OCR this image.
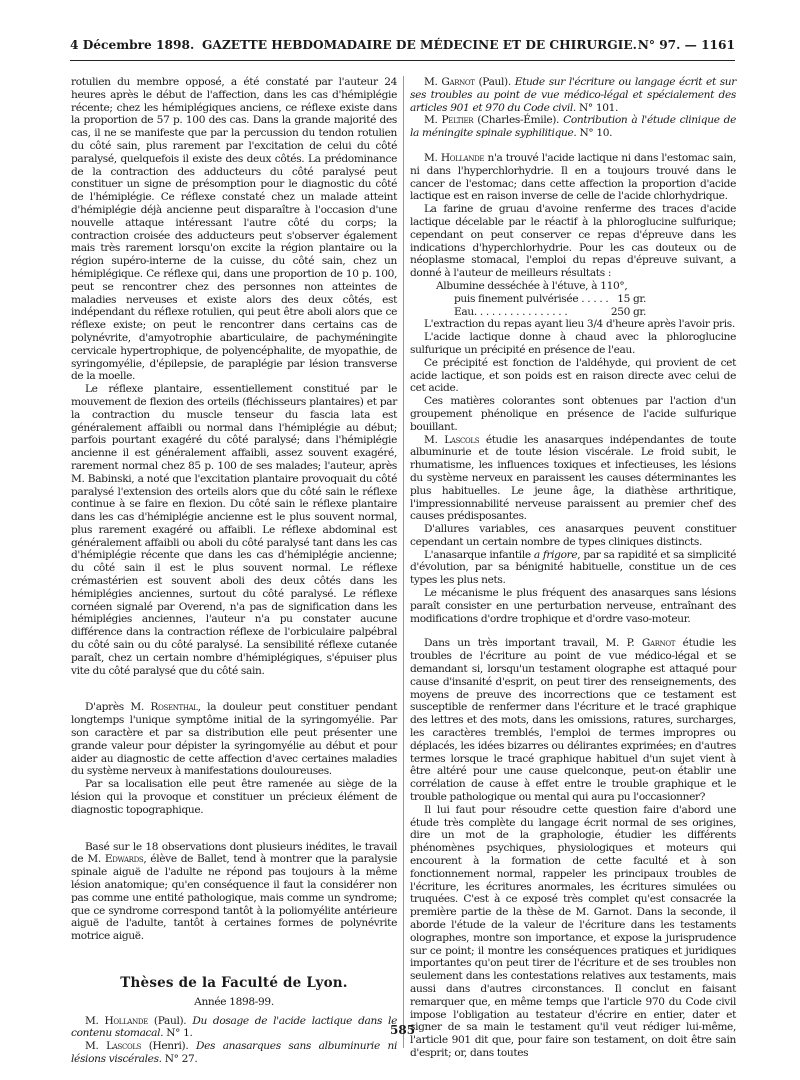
4 Décembre 1898. GAZETTE HEBDOMADAIRE DE MÉDECINE ET DE CHIRURGIE. N° 97. — 1161

rotulien du membre opposé, a été constaté par l'auteur 24 heures après le début de l'affection, dans les cas d'hémiplégie récente; chez les hémiplégiques anciens, ce réflexe existe dans la proportion de 57 p. 100 des cas. Dans la grande majorité des cas, il ne se manifeste que par la percussion du tendon rotulien du côté sain, plus rarement par l'excitation de celui du côté paralysé, quelquefois il existe des deux côtés. La prédominance de la contraction des adducteurs du côté paralysé peut constituer un signe de présomption pour le diagnostic du côté de l'hémiplégie. Ce réflexe constaté chez un malade atteint d'hémiplégie déjà ancienne peut disparaître à l'occasion d'une nouvelle attaque intéressant l'autre côté du corps; la contraction croisée des adducteurs peut s'observer également mais très rarement lorsqu'on excite la région plantaire ou la région supéro-interne de la cuisse, du côté sain, chez un hémiplégique. Ce réflexe qui, dans une proportion de 10 p. 100, peut se rencontrer chez des personnes non atteintes de maladies nerveuses et existe alors des deux côtés, est indépendant du réflexe rotulien, qui peut être aboli alors que ce réflexe existe; on peut le rencontrer dans certains cas de polynévrite, d'amyotrophie abarticulaire, de pachyméningite cervicale hypertrophique, de polyencéphalite, de myopathie, de syringomyélie, d'épilepsie, de paraplégie par lésion transverse de la moelle.

Le réflexe plantaire, essentiellement constitué par le mouvement de flexion des orteils (fléchisseurs plantaires) et par la contraction du muscle tenseur du fascia lata est généralement affaibli ou normal dans l'hémiplégie au début; parfois pourtant exagéré du côté paralysé; dans l'hémiplégie ancienne il est généralement affaibli, assez souvent exagéré, rarement normal chez 85 p. 100 de ses malades; l'auteur, après M. Babinski, a noté que l'excitation plantaire provoquait du côté paralysé l'extension des orteils alors que du côté sain le réflexe continue à se faire en flexion. Du côté sain le réflexe plantaire dans les cas d'hémiplégie ancienne est le plus souvent normal, plus rarement exagéré ou affaibli. Le réflexe abdominal est généralement affaibli ou aboli du côté paralysé tant dans les cas d'hémiplégie récente que dans les cas d'hémiplégie ancienne; du côté sain il est le plus souvent normal. Le réflexe crémastérien est souvent aboli des deux côtés dans les hémiplégies anciennes, surtout du côté paralysé. Le réflexe cornéen signalé par Overend, n'a pas de signification dans les hémiplégies anciennes, l'auteur n'a pu constater aucune différence dans la contraction réflexe de l'orbiculaire palpébral du côté sain ou du côté paralysé. La sensibilité réflexe cutanée paraît, chez un certain nombre d'hémiplégiques, s'épuiser plus vite du côté paralysé que du côté sain.

D'après M. Rosenthal, la douleur peut constituer pendant longtemps l'unique symptôme initial de la syringomyélie. Par son caractère et par sa distribution elle peut présenter une grande valeur pour dépister la syringomyélie au début et pour aider au diagnostic de cette affection d'avec certaines maladies du système nerveux à manifestations douloureuses.

Par sa localisation elle peut être ramenée au siège de la lésion qui la provoque et constituer un précieux élément de diagnostic topographique.

Basé sur le 18 observations dont plusieurs inédites, le travail de M. Edwards, élève de Ballet, tend à montrer que la paralysie spinale aiguë de l'adulte ne répond pas toujours à la même lésion anatomique; qu'en conséquence il faut la considérer non pas comme une entité pathologique, mais comme un syndrome; que ce syndrome correspond tantôt à la poliomyélite antérieure aiguë de l'adulte, tantôt à certaines formes de polynévrite motrice aiguë.

Thèses de la Faculté de Lyon.
Année 1898-99.

M. Hollande (Paul). Du dosage de l'acide lactique dans le contenu stomacal. N° 1.

M. Lascols (Henri). Des anasarques sans albuminurie ni lésions viscérales. N° 27.

M. Garnot (Paul). Etude sur l'écriture ou langage écrit et sur ses troubles au point de vue médico-légal et spécialement des articles 901 et 970 du Code civil. N° 101.

M. Peltier (Charles-Émile). Contribution à l'étude clinique de la méningite spinale syphilitique. N° 10.

M. Hollande n'a trouvé l'acide lactique ni dans l'estomac sain, ni dans l'hyperchlorhydrie. Il en a toujours trouvé dans le cancer de l'estomac; dans cette affection la proportion d'acide lactique est en raison inverse de celle de l'acide chlorhydrique.

La farine de gruau d'avoine renferme des traces d'acide lactique décelable par le réactif à la phloroglucine sulfurique; cependant on peut conserver ce repas d'épreuve dans les indications d'hyperchlorhydrie. Pour les cas douteux ou de néoplasme stomacal, l'emploi du repas d'épreuve suivant, a donné à l'auteur de meilleurs résultats :

Albumine desséchée à l'étuve, à 110°,

puis finement pulvérisée . . . . . 15 gr.
Eau. . . . . . . . . . . . . . . .	250 gr.

L'extraction du repas ayant lieu 3/4 d'heure après l'avoir pris.

L'acide lactique donne à chaud avec la phloroglucine sulfurique un précipité en présence de l'eau.

Ce précipité est fonction de l'aldéhyde, qui provient de cet acide lactique, et son poids est en raison directe avec celui de cet acide.

Ces matières colorantes sont obtenues par l'action d'un groupement phénolique en présence de l'acide sulfurique bouillant.

M. Lascols étudie les anasarques indépendantes de toute albuminurie et de toute lésion viscérale. Le froid subit, le rhumatisme, les influences toxiques et infectieuses, les lésions du système nerveux en paraissent les causes déterminantes les plus habituelles. Le jeune âge, la diathèse arthritique, l'impressionnabilité nerveuse paraissent au premier chef des causes prédisposantes.

D'allures variables, ces anasarques peuvent constituer cependant un certain nombre de types cliniques distincts.

L'anasarque infantile a frigore, par sa rapidité et sa simplicité d'évolution, par sa bénignité habituelle, constitue un de ces types les plus nets.

Le mécanisme le plus fréquent des anasarques sans lésions paraît consister en une perturbation nerveuse, entraînant des modifications d'ordre trophique et d'ordre vaso-moteur.

Dans un très important travail, M. P. Garnot étudie les troubles de l'écriture au point de vue médico-légal et se demandant si, lorsqu'un testament olographe est attaqué pour cause d'insanité d'esprit, on peut tirer des renseignements, des moyens de preuve des incorrections que ce testament est susceptible de renfermer dans l'écriture et le tracé graphique des lettres et des mots, dans les omissions, ratures, surcharges, les caractères tremblés, l'emploi de termes impropres ou déplacés, les idées bizarres ou délirantes exprimées; en d'autres termes lorsque le tracé graphique habituel d'un sujet vient à être altéré pour une cause quelconque, peut-on établir une corrélation de cause à effet entre le trouble graphique et le trouble pathologique ou mental qui aura pu l'occasionner?

Il lui faut pour résoudre cette question faire d'abord une étude très complète du langage écrit normal de ses origines, dire un mot de la graphologie, étudier les différents phénomènes psychiques, physiologiques et moteurs qui encourent à la formation de cette faculté et à son fonctionnement normal, rappeler les principaux troubles de l'écriture, les écritures anormales, les écritures simulées ou truquées. C'est à ce exposé très complet qu'est consacrée la première partie de la thèse de M. Garnot. Dans la seconde, il aborde l'étude de la valeur de l'écriture dans les testaments olographes, montre son importance, et expose la jurisprudence sur ce point; il montre les conséquences pratiques et juridiques importantes qu'on peut tirer de l'écriture et de ses troubles non seulement dans les contestations relatives aux testaments, mais aussi dans d'autres circonstances. Il conclut en faisant remarquer que, en même temps que l'article 970 du Code civil impose l'obligation au testateur d'écrire en entier, dater et signer de sa main le testament qu'il veut rédiger lui-même, l'article 901 dit que, pour faire son testament, on doit être sain d'esprit; or, dans toutes

585
